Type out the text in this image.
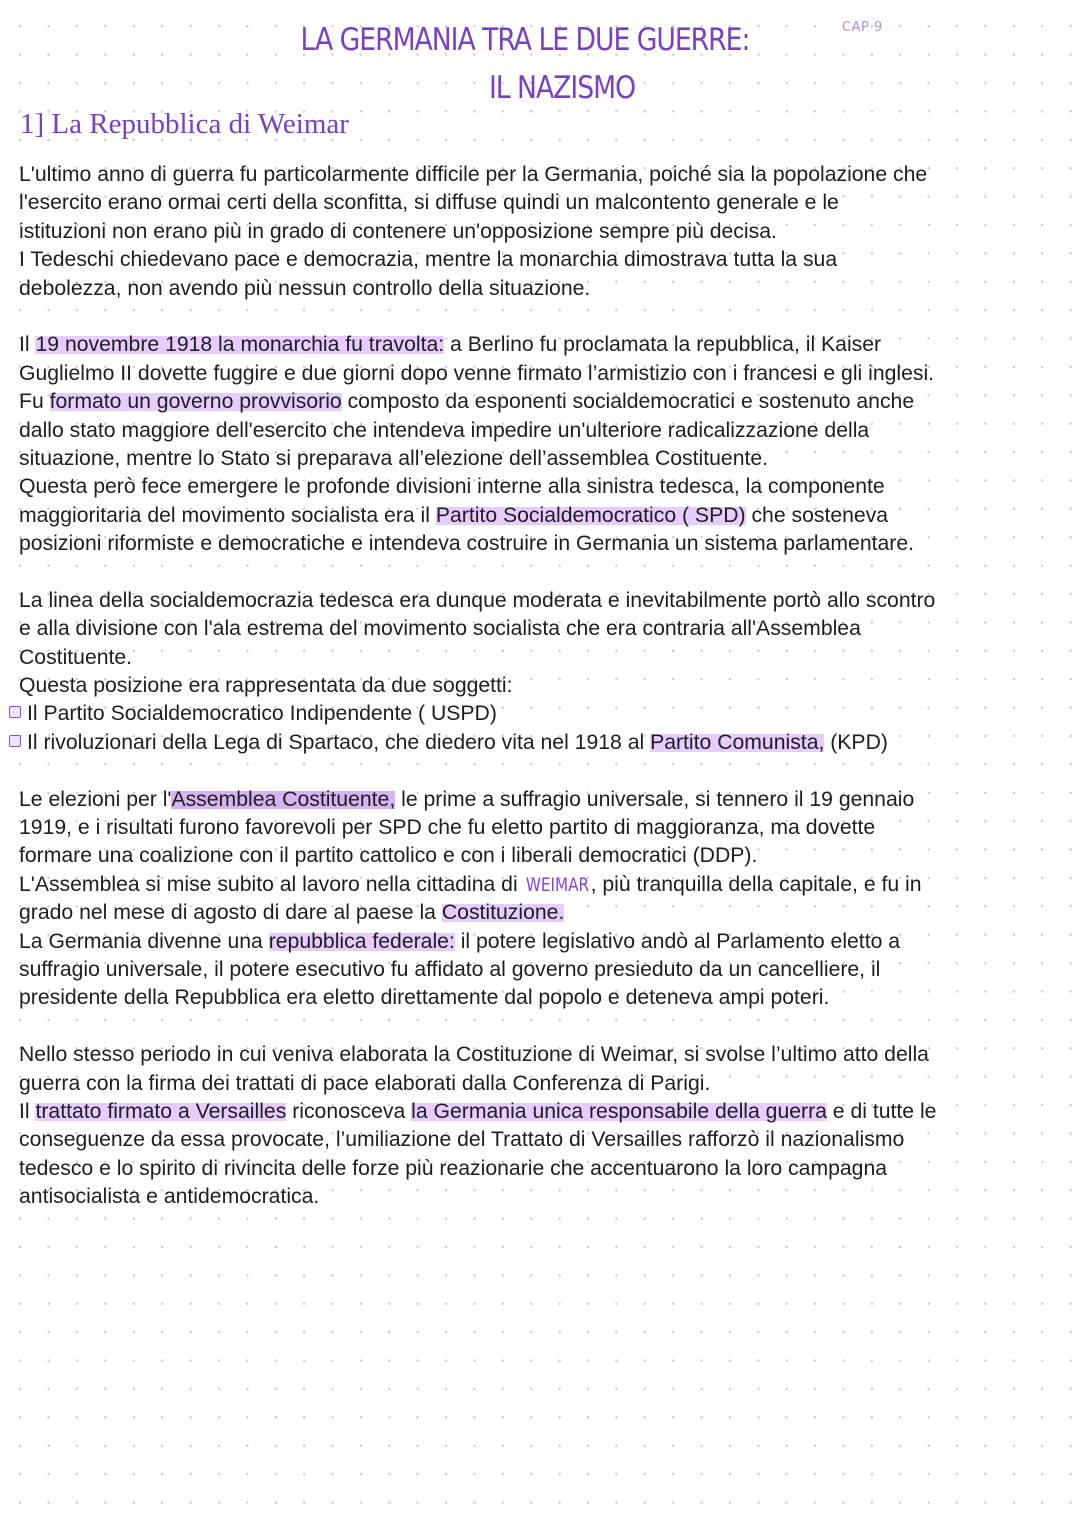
LA GERMANIA TRA LE DUE GUERRE:
IL NAZISMO
CAP 9
1] La Repubblica di Weimar
L'ultimo anno di guerra fu particolarmente difficile per la Germania, poiché sia la popolazione che
l'esercito erano ormai certi della sconfitta, si diffuse quindi un malcontento generale e le
istituzioni non erano più in grado di contenere un'opposizione sempre più decisa.
I Tedeschi chiedevano pace e democrazia, mentre la monarchia dimostrava tutta la sua
debolezza, non avendo più nessun controllo della situazione.
Il 19 novembre 1918 la monarchia fu travolta: a Berlino fu proclamata la repubblica, il Kaiser
Guglielmo II dovette fuggire e due giorni dopo venne firmato l’armistizio con i francesi e gli inglesi.
Fu formato un governo provvisorio composto da esponenti socialdemocratici e sostenuto anche
dallo stato maggiore dell'esercito che intendeva impedire un'ulteriore radicalizzazione della
situazione, mentre lo Stato si preparava all’elezione dell’assemblea Costituente.
Questa però fece emergere le profonde divisioni interne alla sinistra tedesca, la componente
maggioritaria del movimento socialista era il Partito Socialdemocratico ( SPD) che sosteneva
posizioni riformiste e democratiche e intendeva costruire in Germania un sistema parlamentare.
La linea della socialdemocrazia tedesca era dunque moderata e inevitabilmente portò allo scontro
e alla divisione con l'ala estrema del movimento socialista che era contraria all'Assemblea
Costituente.
Questa posizione era rappresentata da due soggetti:
Il Partito Socialdemocratico Indipendente ( USPD)
Il rivoluzionari della Lega di Spartaco, che diedero vita nel 1918 al Partito Comunista, (KPD)
Le elezioni per l'Assemblea Costituente, le prime a suffragio universale, si tennero il 19 gennaio
1919, e i risultati furono favorevoli per SPD che fu eletto partito di maggioranza, ma dovette
formare una coalizione con il partito cattolico e con i liberali democratici (DDP).
L'Assemblea si mise subito al lavoro nella cittadina di WEIMAR, più tranquilla della capitale, e fu in
grado nel mese di agosto di dare al paese la Costituzione.
La Germania divenne una repubblica federale: il potere legislativo andò al Parlamento eletto a
suffragio universale, il potere esecutivo fu affidato al governo presieduto da un cancelliere, il
presidente della Repubblica era eletto direttamente dal popolo e deteneva ampi poteri.
Nello stesso periodo in cui veniva elaborata la Costituzione di Weimar, si svolse l’ultimo atto della
guerra con la firma dei trattati di pace elaborati dalla Conferenza di Parigi.
Il trattato firmato a Versailles riconosceva la Germania unica responsabile della guerra e di tutte le
conseguenze da essa provocate, l’umiliazione del Trattato di Versailles rafforzò il nazionalismo
tedesco e lo spirito di rivincita delle forze più reazionarie che accentuarono la loro campagna
antisocialista e antidemocratica.
